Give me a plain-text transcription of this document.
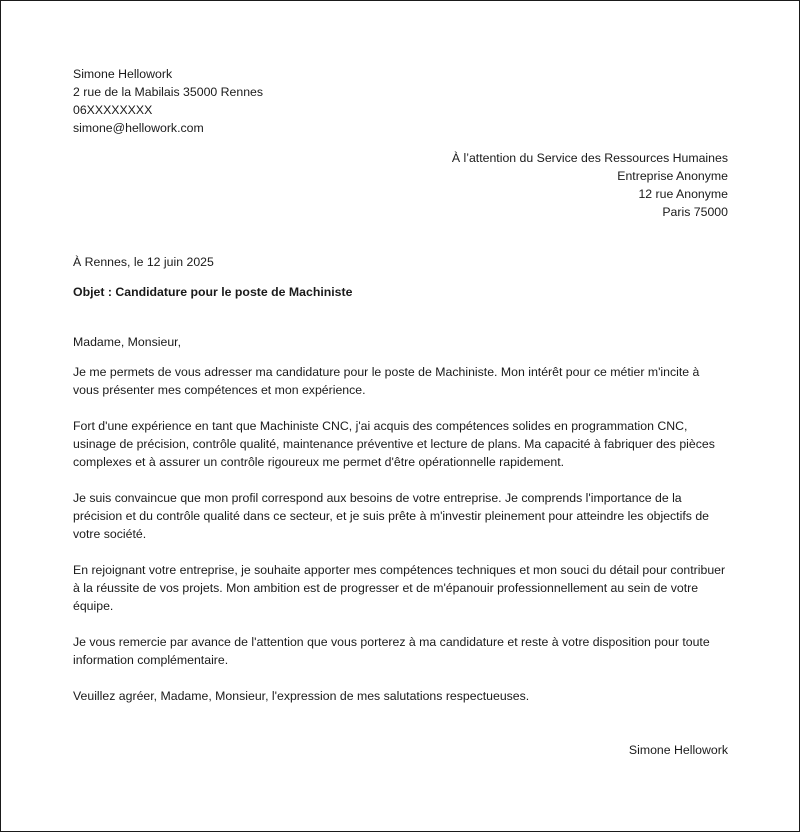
Simone Hellowork
2 rue de la Mabilais 35000 Rennes
06XXXXXXXX
simone@hellowork.com
À l’attention du Service des Ressources Humaines
Entreprise Anonyme
12 rue Anonyme
Paris 75000
À Rennes, le 12 juin 2025
Objet : Candidature pour le poste de Machiniste
Madame, Monsieur,
Je me permets de vous adresser ma candidature pour le poste de Machiniste. Mon intérêt pour ce métier m'incite à vous présenter mes compétences et mon expérience.
Fort d'une expérience en tant que Machiniste CNC, j'ai acquis des compétences solides en programmation CNC, usinage de précision, contrôle qualité, maintenance préventive et lecture de plans. Ma capacité à fabriquer des pièces complexes et à assurer un contrôle rigoureux me permet d'être opérationnelle rapidement.
Je suis convaincue que mon profil correspond aux besoins de votre entreprise. Je comprends l'importance de la précision et du contrôle qualité dans ce secteur, et je suis prête à m'investir pleinement pour atteindre les objectifs de votre société.
En rejoignant votre entreprise, je souhaite apporter mes compétences techniques et mon souci du détail pour contribuer à la réussite de vos projets. Mon ambition est de progresser et de m'épanouir professionnellement au sein de votre équipe.
Je vous remercie par avance de l'attention que vous porterez à ma candidature et reste à votre disposition pour toute information complémentaire.
Veuillez agréer, Madame, Monsieur, l'expression de mes salutations respectueuses.
Simone Hellowork
